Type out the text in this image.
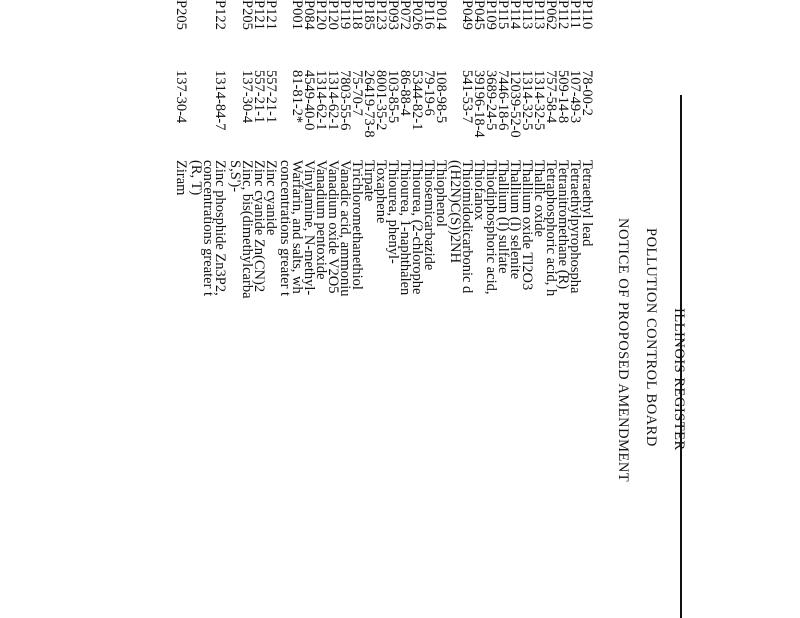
ILLINOIS REGISTER
POLLUTION CONTROL BOARD
NOTICE OF PROPOSED AMENDMENT
P110
78-00-2
Tetraethyl lead
P111
107-49-3
Tetraethylpyrophospha
P112
509-14-8
Tetranitromethane (R)
P062
757-58-4
Tetraphosphoric acid, h
P113
1314-32-5
Thallic oxide
P113
1314-32-5
Thallium oxide Tl2O3
P114
12039-52-0
Thallium (I) selenite
P115
7446-18-6
Thallium (I) sulfate
P109
3689-24-5
Thiodiphosphoric acid,
P045
39196-18-4
Thiofanox
P049
541-53-7
Thioimidodicarbonic d
((H2N)C(S))2NH
P014
108-98-5
Thiophenol
P116
79-19-6
Thiosemicarbazide
P026
5344-82-1
Thiourea, (2-chlorophe
P072
86-88-4
Thiourea, 1-naphthalen
P093
103-85-5
Thiourea, phenyl-
P123
8001-35-2
Toxaphene
P185
26419-73-8
Tirpate
P118
75-70-7
Trichloromethanethiol
P119
7803-55-6
Vanadic acid, ammoniu
P120
1314-62-1
Vanadium oxide V2O5
P120
1314-62-1
Vanadium pentoxide
P084
4549-40-0
Vinylamine, N-methyl-
P001
81-81-2*
Warfarin, and salts, wh
concentrations greater t
P121
557-21-1
Zinc cyanide
P121
557-21-1
Zinc cyanide Zn(CN)2
P205
137-30-4
Zinc, bis(dimethylcarba
S,S')-
P122
1314-84-7
Zinc phosphide Zn3P2,
concentrations greater t
(R, T)
P205
137-30-4
Ziram
